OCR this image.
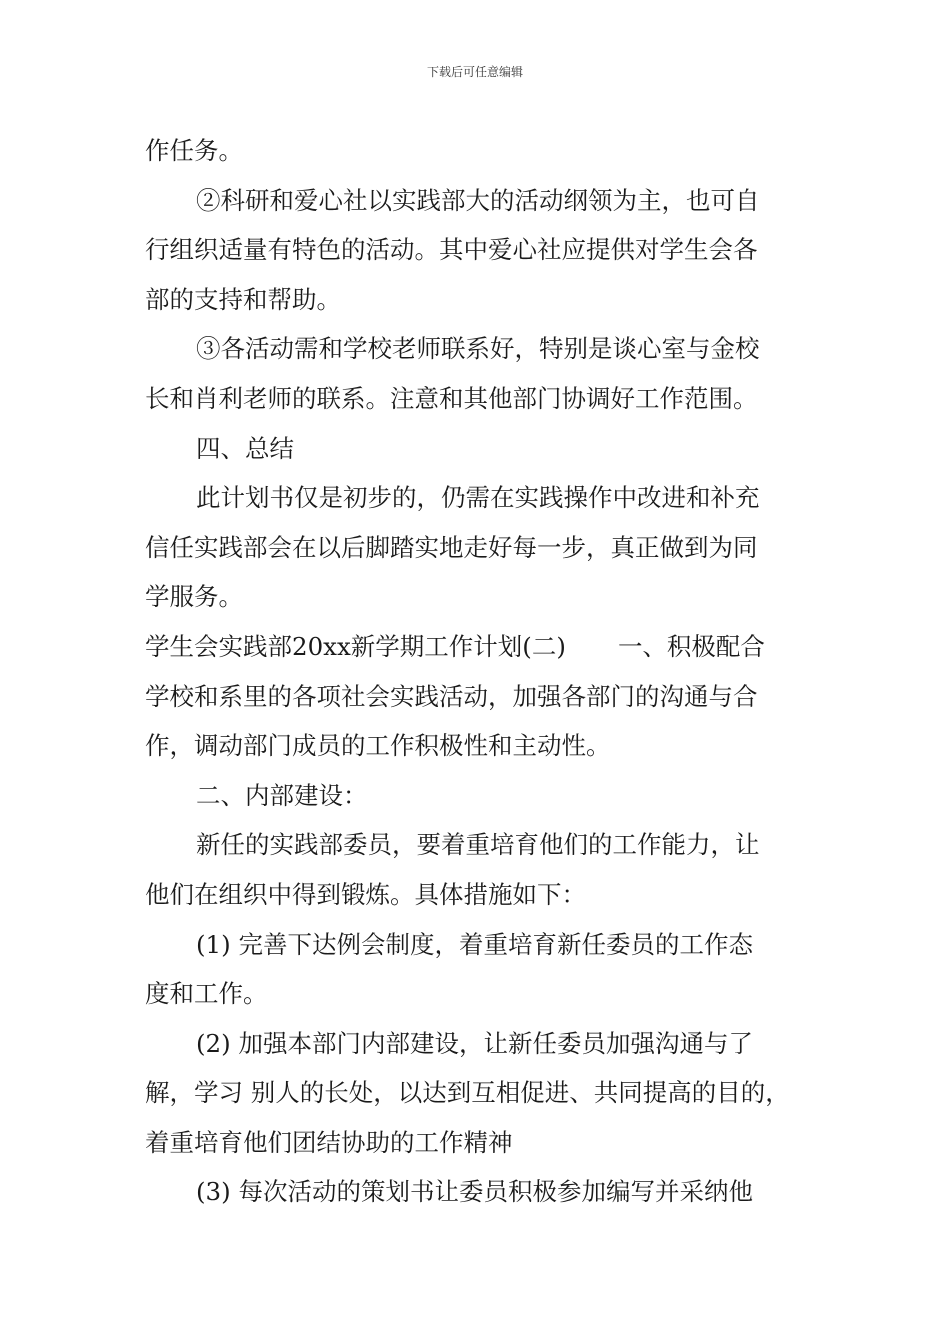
下载后可任意编辑
作任务。
②科研和爱心社以实践部大的活动纲领为主，也可自
行组织适量有特色的活动。其中爱心社应提供对学生会各
部的支持和帮助。
③各活动需和学校老师联系好，特别是谈心室与金校
长和肖利老师的联系。注意和其他部门协调好工作范围。
四、总结
此计划书仅是初步的，仍需在实践操作中改进和补充
信任实践部会在以后脚踏实地走好每一步，真正做到为同
学服务。
学生会实践部20xx新学期工作计划(二) 一、积极配合
学校和系里的各项社会实践活动，加强各部门的沟通与合
作，调动部门成员的工作积极性和主动性。
二、内部建设：
新任的实践部委员，要着重培育他们的工作能力，让
他们在组织中得到锻炼。具体措施如下：
(1) 完善下达例会制度，着重培育新任委员的工作态
度和工作。
(2) 加强本部门内部建设，让新任委员加强沟通与了
解，学习 别人的长处，以达到互相促进、共同提高的目的，
着重培育他们团结协助的工作精神
(3) 每次活动的策划书让委员积极参加编写并采纳他
